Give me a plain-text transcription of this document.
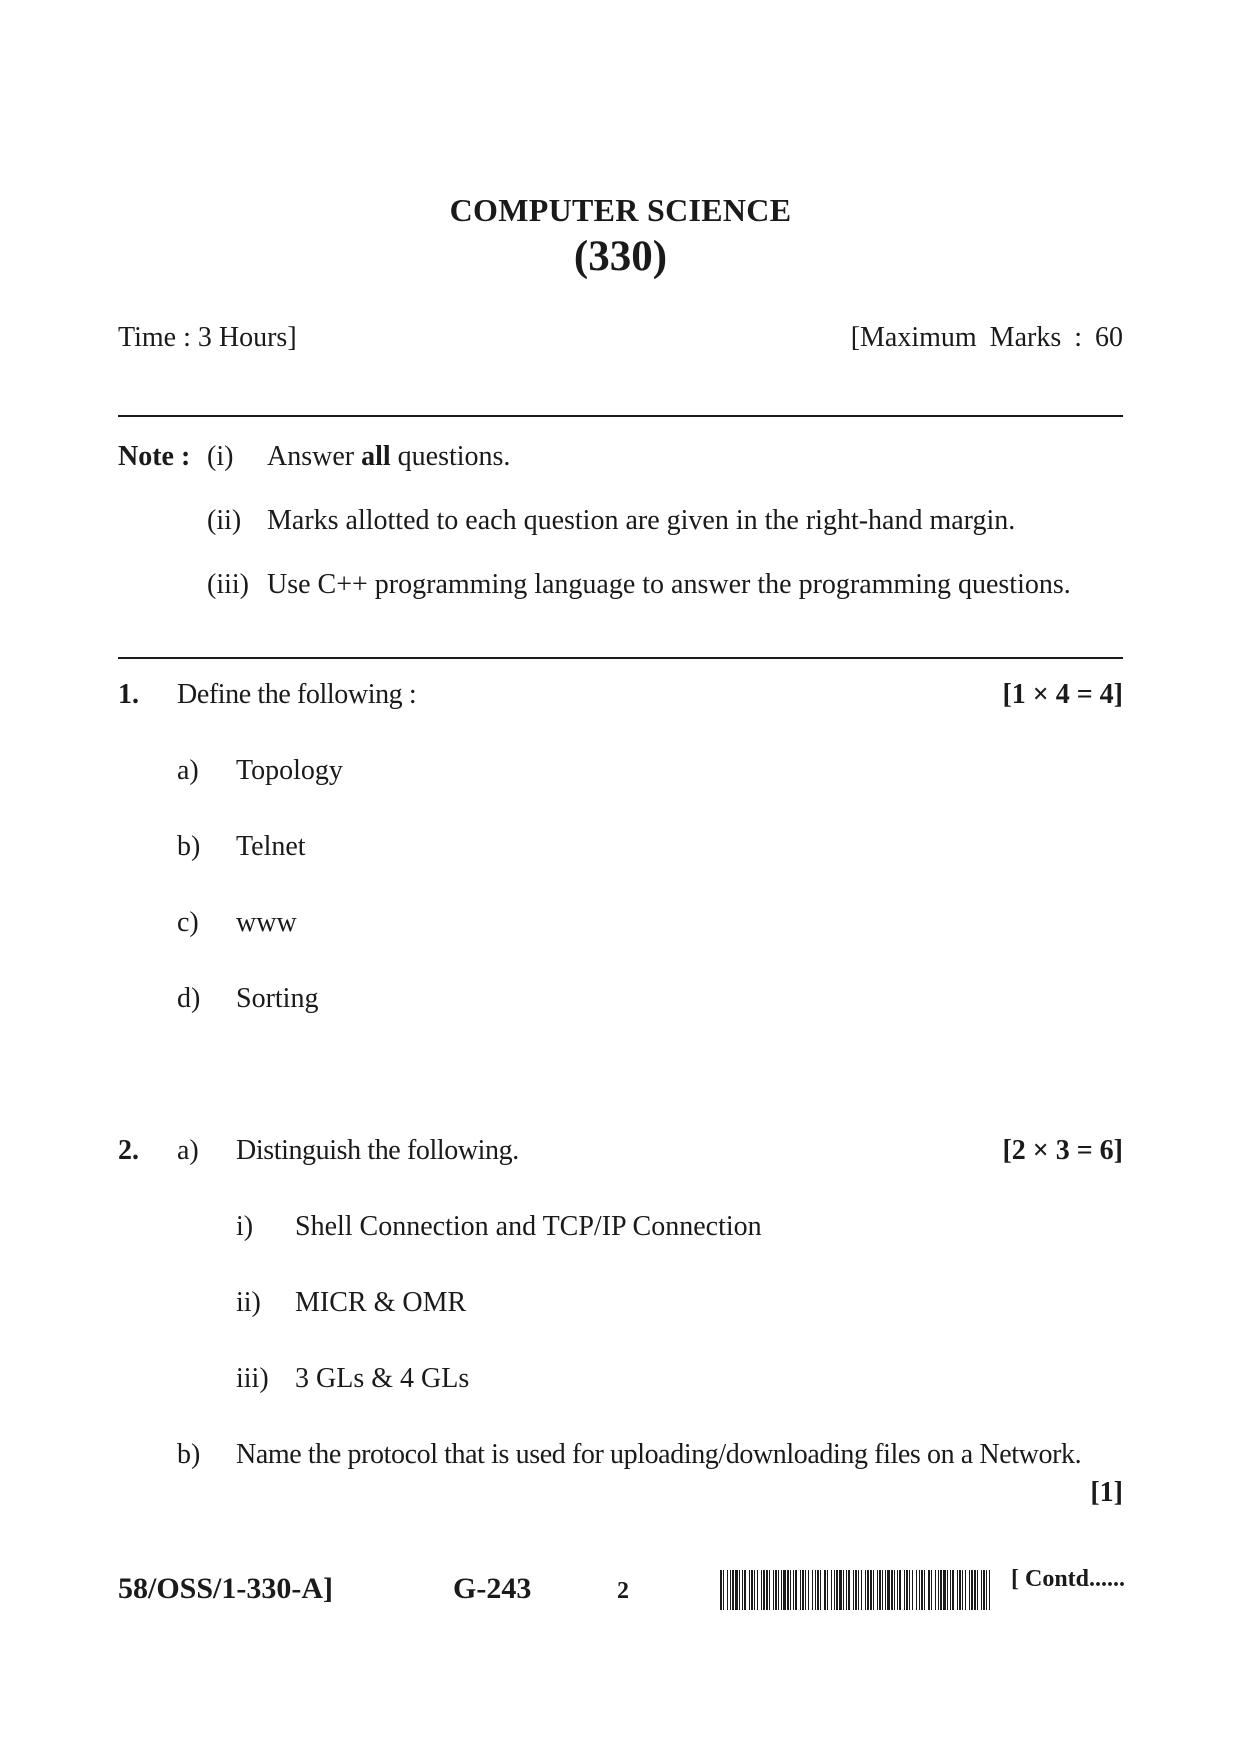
COMPUTER SCIENCE
(330)
Time : 3 Hours]	[Maximum Marks : 60
Note : (i) Answer all questions.
(ii) Marks allotted to each question are given in the right-hand margin.
(iii) Use C++ programming language to answer the programming questions.
1. Define the following :	[1 × 4 = 4]
a) Topology
b) Telnet
c) www
d) Sorting
2. a) Distinguish the following.	[2 × 3 = 6]
i) Shell Connection and TCP/IP Connection
ii) MICR & OMR
iii) 3 GLs & 4 GLs
b) Name the protocol that is used for uploading/downloading files on a Network.
[1]
58/OSS/1-330-A]	G-243	2	[ Contd......
